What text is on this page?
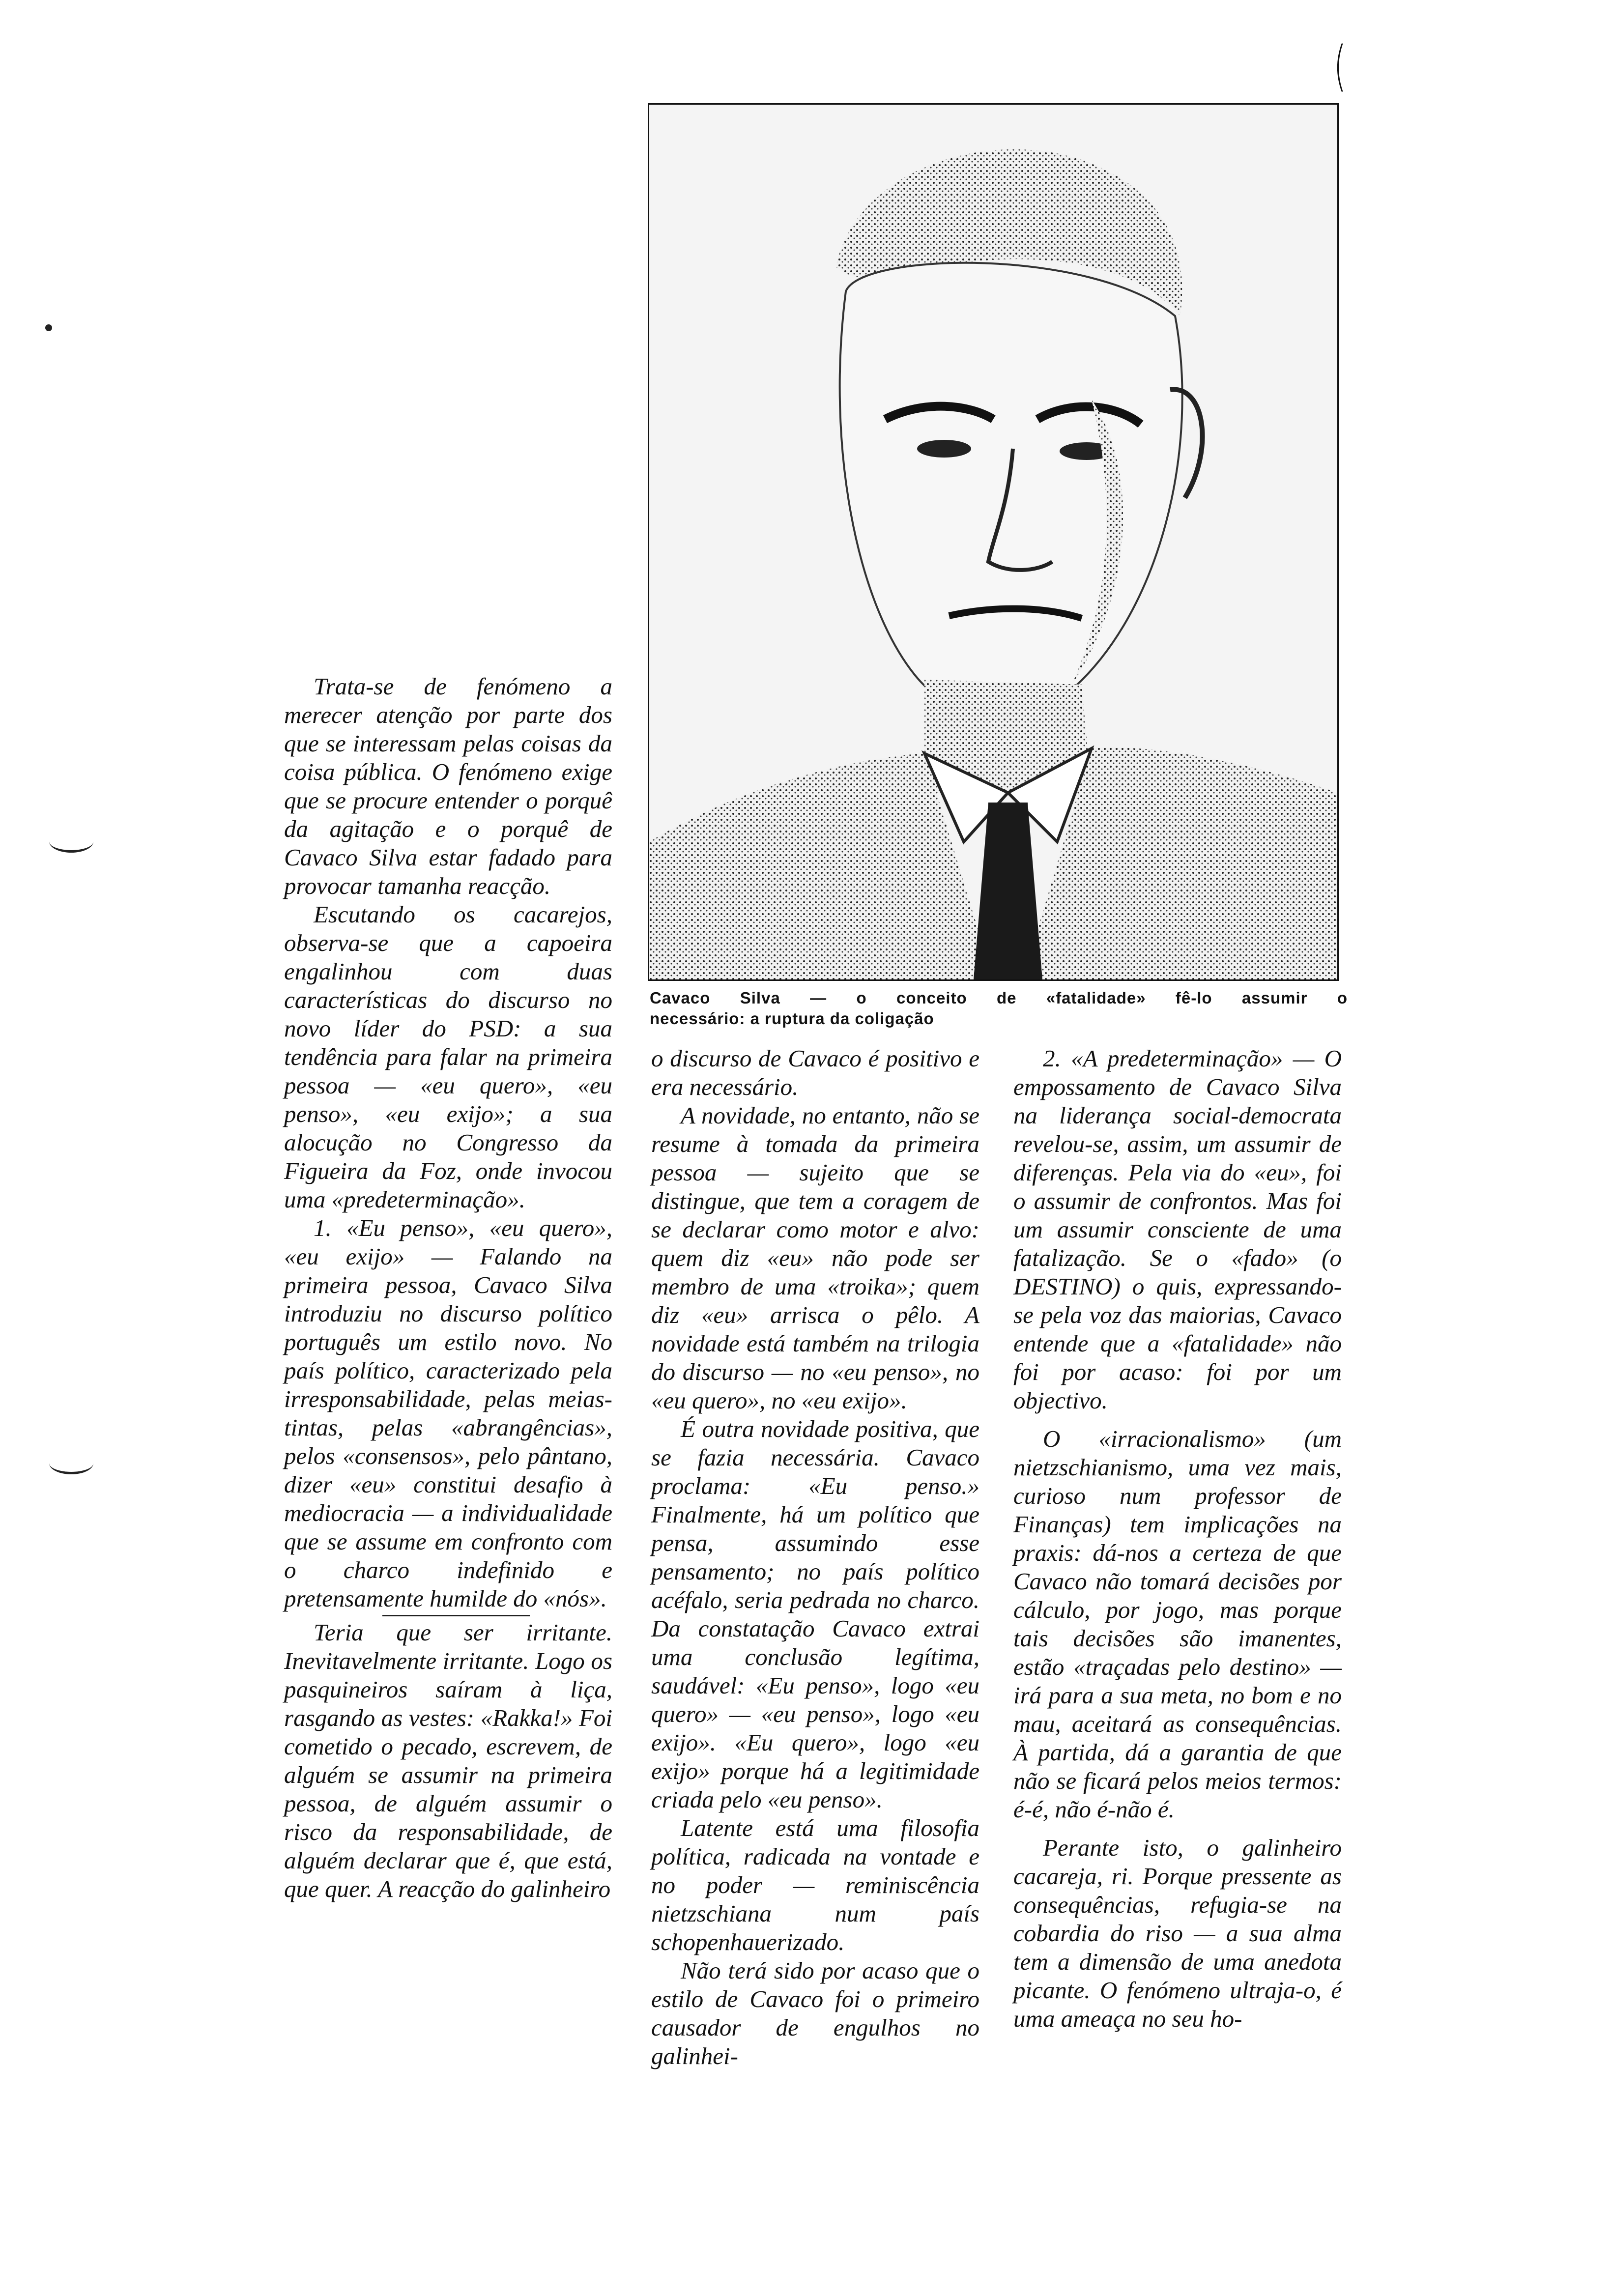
(
Cavaco Silva — o conceito de «fatalidade» fê-lo assumir o
necessário: a ruptura da coligação

Trata-se de fenómeno a merecer atenção por parte dos que se interessam pelas coisas da coisa pública. O fenómeno exige que se procure entender o porquê da agitação e o porquê de Cavaco Silva estar fadado para provocar tamanha reacção.

Escutando os cacarejos, observa-se que a capoeira engalinhou com duas características do discurso no novo líder do PSD: a sua tendência para falar na primeira pessoa — «eu quero», «eu penso», «eu exijo»; a sua alocução no Congresso da Figueira da Foz, onde invocou uma «predeterminação».

1. «Eu penso», «eu quero», «eu exijo» — Falando na primeira pessoa, Cavaco Silva introduziu no discurso político português um estilo novo. No país político, caracterizado pela irresponsabilidade, pelas meias-tintas, pelas «abrangências», pelos «consensos», pelo pântano, dizer «eu» constitui desafio à mediocracia — a individualidade que se assume em confronto com o charco indefinido e pretensamente humilde do «nós».

Teria que ser irritante. Inevitavelmente irritante. Logo os pasquineiros saíram à liça, rasgando as vestes: «Rakka!» Foi cometido o pecado, escrevem, de alguém se assumir na primeira pessoa, de alguém assumir o risco da responsabilidade, de alguém declarar que é, que está, que quer. A reacção do galinheiro

o discurso de Cavaco é positivo e era necessário.

A novidade, no entanto, não se resume à tomada da primeira pessoa — sujeito que se distingue, que tem a coragem de se declarar como motor e alvo: quem diz «eu» não pode ser membro de uma «troika»; quem diz «eu» arrisca o pêlo. A novidade está também na trilogia do discurso — no «eu penso», no «eu quero», no «eu exijo».

É outra novidade positiva, que se fazia necessária. Cavaco proclama: «Eu penso.» Finalmente, há um político que pensa, assumindo esse pensamento; no país político acéfalo, seria pedrada no charco. Da constatação Cavaco extrai uma conclusão legítima, saudável: «Eu penso», logo «eu quero» — «eu penso», logo «eu exijo». «Eu quero», logo «eu exijo» porque há a legitimidade criada pelo «eu penso».

Latente está uma filosofia política, radicada na vontade e no poder — reminiscência nietzschiana num país schopenhauerizado.

Não terá sido por acaso que o estilo de Cavaco foi o primeiro causador de engulhos no galinhei-

2. «A predeterminação» — O empossamento de Cavaco Silva na liderança social-democrata revelou-se, assim, um assumir de diferenças. Pela via do «eu», foi o assumir de confrontos. Mas foi um assumir consciente de uma fatalização. Se o «fado» (o DESTINO) o quis, expressando-se pela voz das maiorias, Cavaco entende que a «fatalidade» não foi por acaso: foi por um objectivo.

O «irracionalismo» (um nietzschianismo, uma vez mais, curioso num professor de Finanças) tem implicações na praxis: dá-nos a certeza de que Cavaco não tomará decisões por cálculo, por jogo, mas porque tais decisões são imanentes, estão «traçadas pelo destino» — irá para a sua meta, no bom e no mau, aceitará as consequências. À partida, dá a garantia de que não se ficará pelos meios termos: é-é, não é-não é.

Perante isto, o galinheiro cacareja, ri. Porque pressente as consequências, refugia-se na cobardia do riso — a sua alma tem a dimensão de uma anedota picante. O fenómeno ultraja-o, é uma ameaça no seu ho-
